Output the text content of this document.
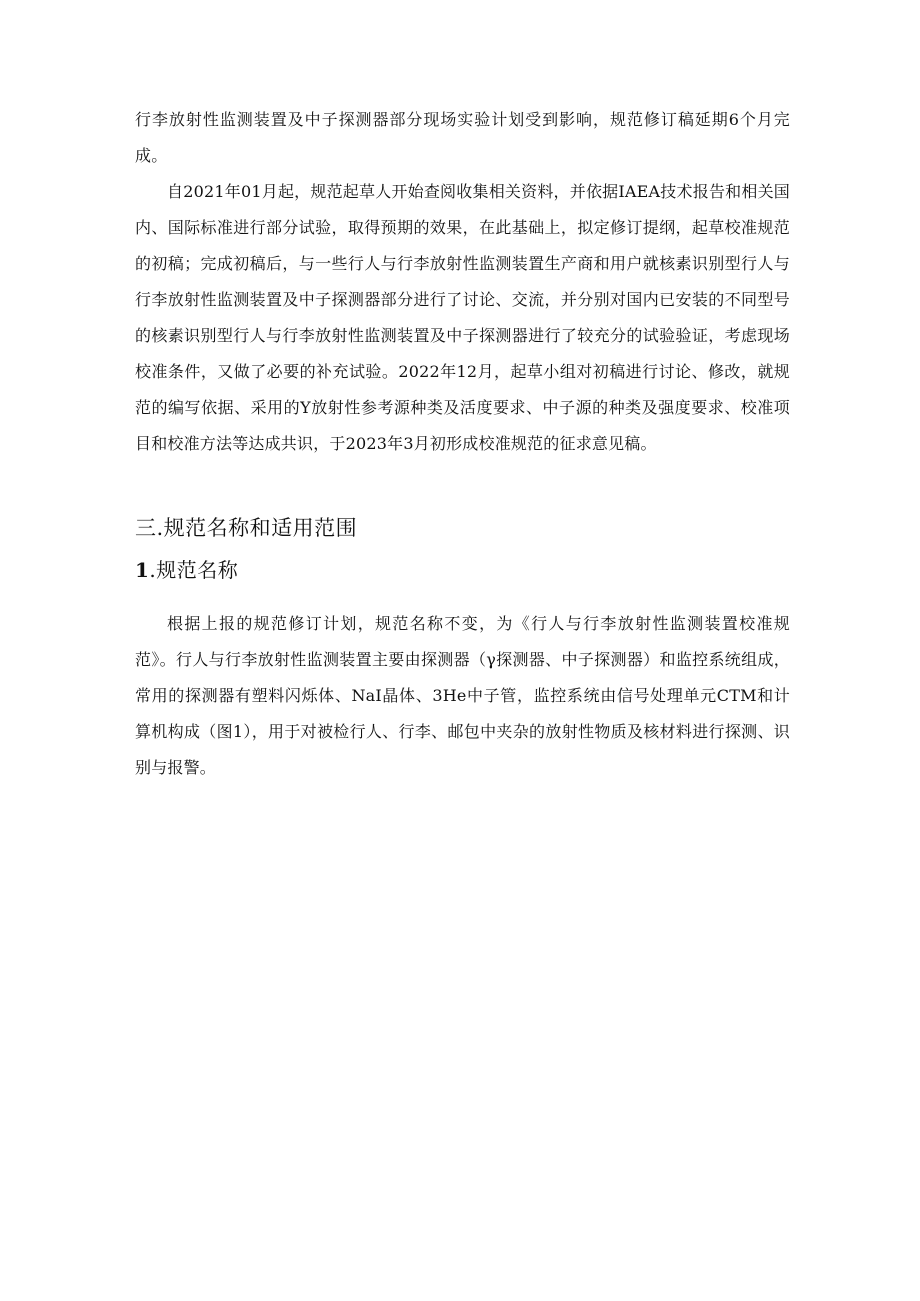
行李放射性监测装置及中子探测器部分现场实验计划受到影响，规范修订稿延期6个月完成。

自2021年01月起，规范起草人开始查阅收集相关资料，并依据IAEA技术报告和相关国内、国际标准进行部分试验，取得预期的效果，在此基础上，拟定修订提纲，起草校准规范的初稿；完成初稿后，与一些行人与行李放射性监测装置生产商和用户就核素识别型行人与行李放射性监测装置及中子探测器部分进行了讨论、交流，并分别对国内已安装的不同型号的核素识别型行人与行李放射性监测装置及中子探测器进行了较充分的试验验证，考虑现场校准条件，又做了必要的补充试验。2022年12月，起草小组对初稿进行讨论、修改，就规范的编写依据、采用的Y放射性参考源种类及活度要求、中子源的种类及强度要求、校准项目和校准方法等达成共识，于2023年3月初形成校准规范的征求意见稿。

三.规范名称和适用范围
1.规范名称

根据上报的规范修订计划，规范名称不变，为《行人与行李放射性监测装置校准规范》。行人与行李放射性监测装置主要由探测器（γ探测器、中子探测器）和监控系统组成，常用的探测器有塑料闪烁体、NaI晶体、3He中子管，监控系统由信号处理单元CTM和计算机构成（图1），用于对被检行人、行李、邮包中夹杂的放射性物质及核材料进行探测、识别与报警。
